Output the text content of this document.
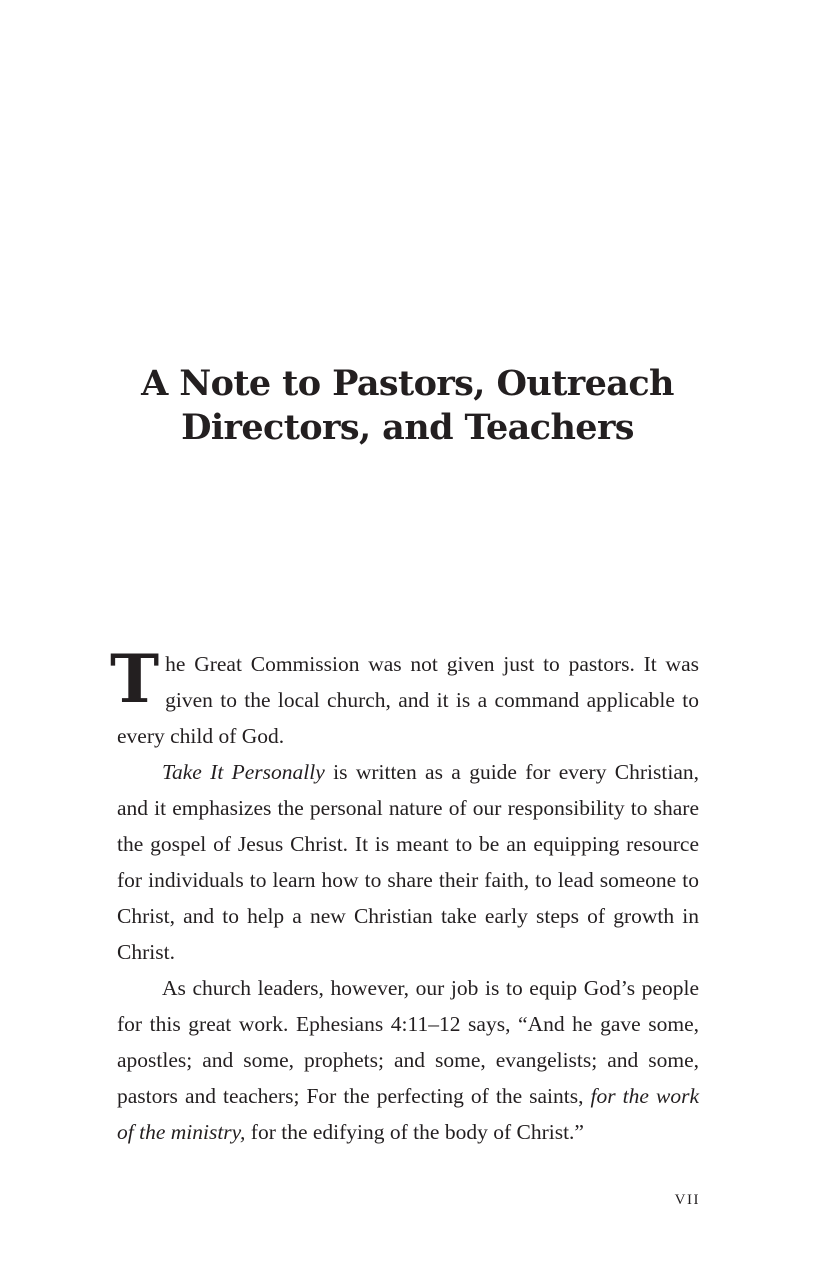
A Note to Pastors, Outreach
Directors, and Teachers

The Great Commission was not given just to pastors. It was given to the local church, and it is a command applicable to every child of God.

Take It Personally is written as a guide for every Christian, and it emphasizes the personal nature of our responsibility to share the gospel of Jesus Christ. It is meant to be an equipping resource for individuals to learn how to share their faith, to lead someone to Christ, and to help a new Christian take early steps of growth in Christ.

As church leaders, however, our job is to equip God’s people for this great work. Ephesians 4:11–12 says, “And he gave some, apostles; and some, prophets; and some, evangelists; and some, pastors and teachers; For the perfecting of the saints, for the work of the ministry, for the edifying of the body of Christ.”

VII
